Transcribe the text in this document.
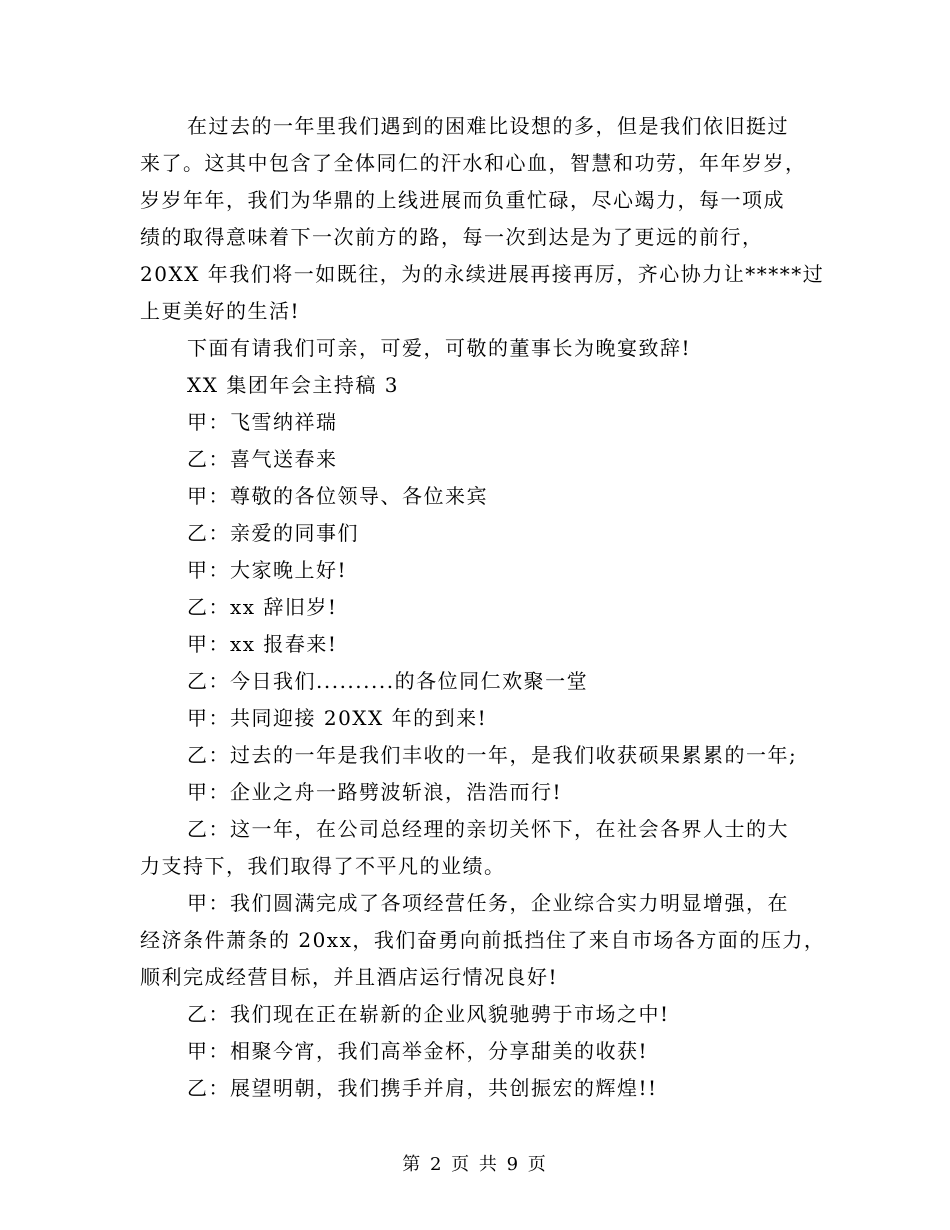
在过去的一年里我们遇到的困难比设想的多，但是我们依旧挺过
来了。这其中包含了全体同仁的汗水和心血，智慧和功劳，年年岁岁，
岁岁年年，我们为华鼎的上线进展而负重忙碌，尽心竭力，每一项成
绩的取得意味着下一次前方的路，每一次到达是为了更远的前行，
20XX 年我们将一如既往，为的永续进展再接再厉，齐心协力让*****过
上更美好的生活!
下面有请我们可亲，可爱，可敬的董事长为晚宴致辞!
XX 集团年会主持稿 3
甲：飞雪纳祥瑞
乙：喜气送春来
甲：尊敬的各位领导、各位来宾
乙：亲爱的同事们
甲：大家晚上好!
乙：xx 辞旧岁!
甲：xx 报春来!
乙：今日我们..........的各位同仁欢聚一堂
甲：共同迎接 20XX 年的到来!
乙：过去的一年是我们丰收的一年，是我们收获硕果累累的一年;
甲：企业之舟一路劈波斩浪，浩浩而行!
乙：这一年，在公司总经理的亲切关怀下，在社会各界人士的大
力支持下，我们取得了不平凡的业绩。
甲：我们圆满完成了各项经营任务，企业综合实力明显增强，在
经济条件萧条的 20xx，我们奋勇向前抵挡住了来自市场各方面的压力，
顺利完成经营目标，并且酒店运行情况良好!
乙：我们现在正在崭新的企业风貌驰骋于市场之中!
甲：相聚今宵，我们高举金杯，分享甜美的收获!
乙：展望明朝，我们携手并肩，共创振宏的辉煌!!
第 2 页 共 9 页
